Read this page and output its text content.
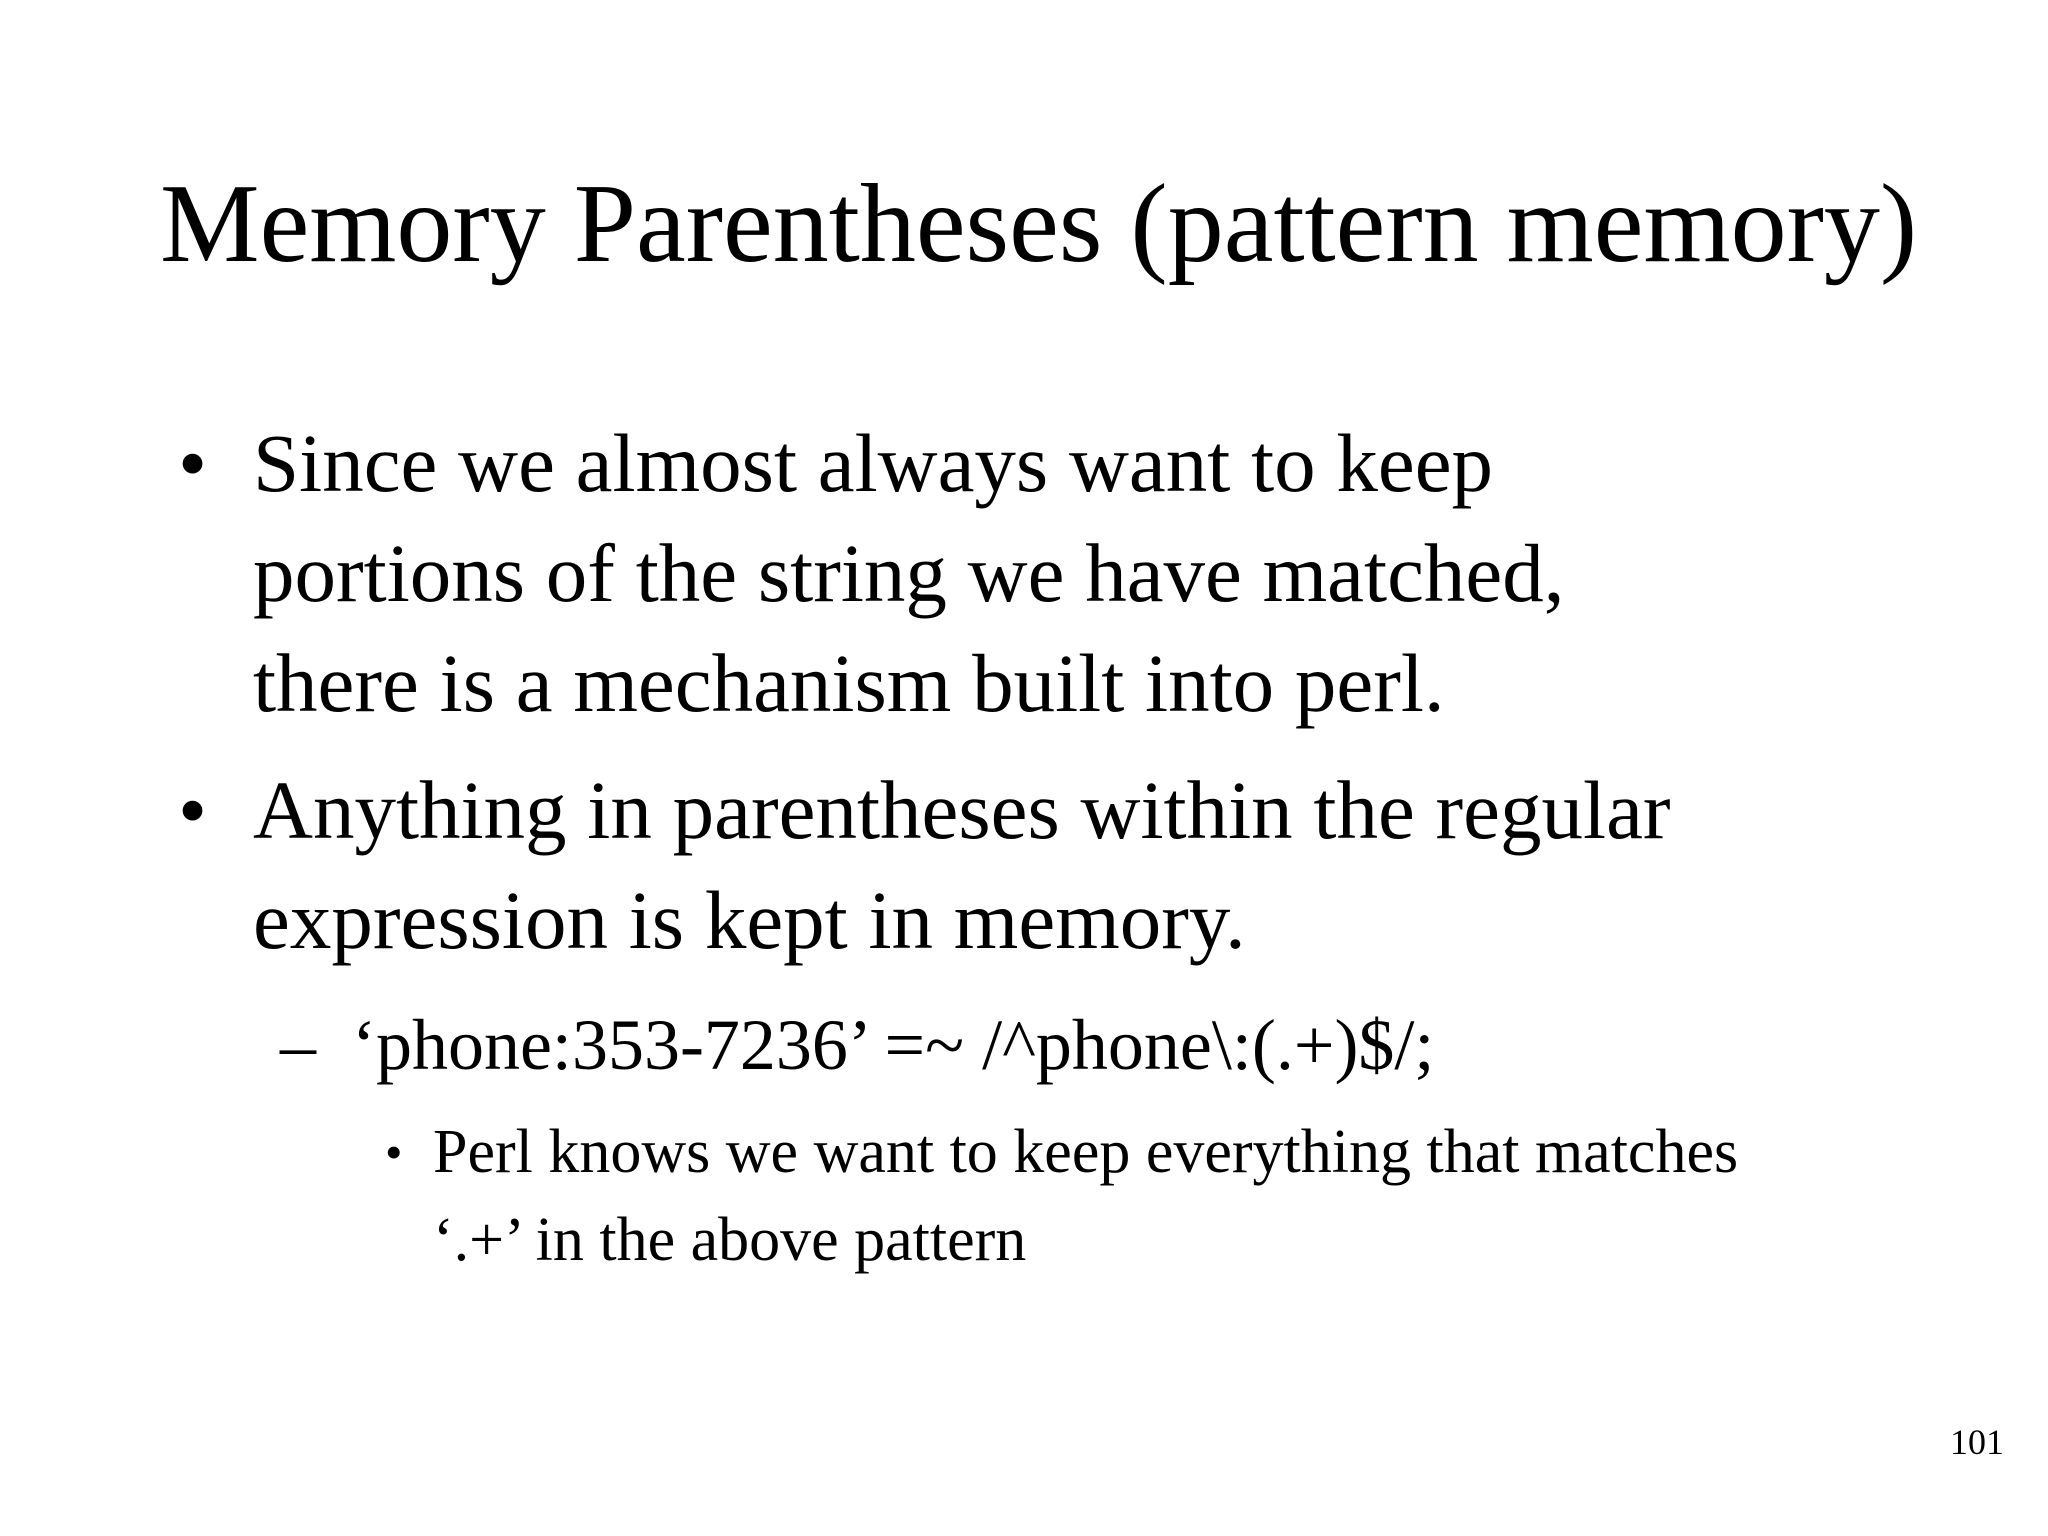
Memory Parentheses (pattern memory)
• Since we almost always want to keep
portions of the string we have matched,
there is a mechanism built into perl.
• Anything in parentheses within the regular
expression is kept in memory.
– ‘phone:353-7236’ =~ /^phone\:(.+)$/;
• Perl knows we want to keep everything that matches
‘.+’ in the above pattern
101
